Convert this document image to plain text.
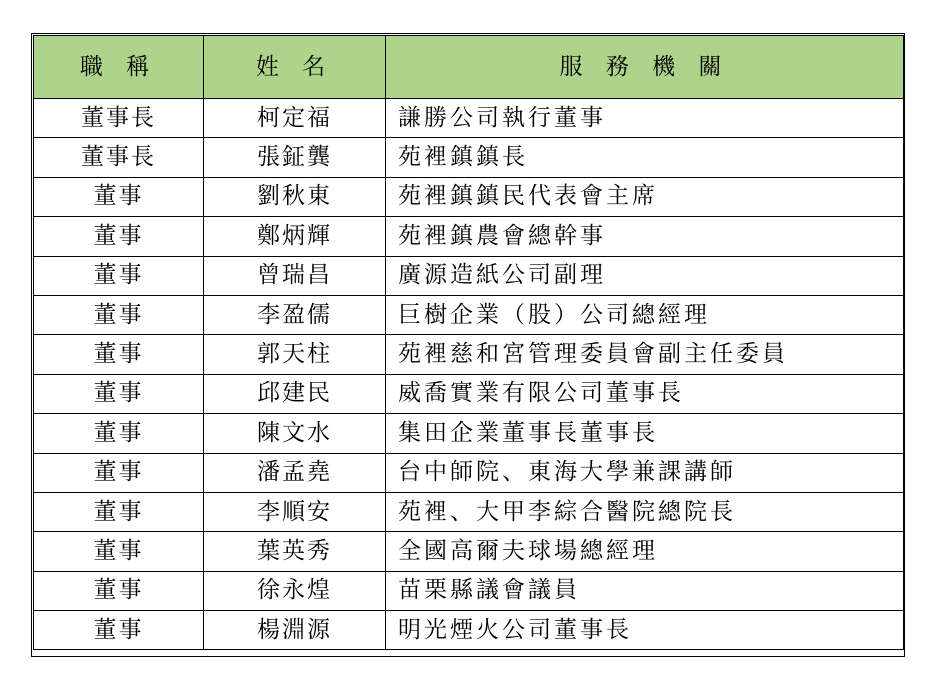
職 稱	姓 名	服 務 機 關
董事長	柯定福	謙勝公司執行董事
董事長	張鉦龔	苑裡鎮鎮長
董事	劉秋東	苑裡鎮鎮民代表會主席
董事	鄭炳輝	苑裡鎮農會總幹事
董事	曾瑞昌	廣源造紙公司副理
董事	李盈儒	巨樹企業（股）公司總經理
董事	郭天柱	苑裡慈和宮管理委員會副主任委員
董事	邱建民	威喬實業有限公司董事長
董事	陳文水	集田企業董事長董事長
董事	潘孟堯	台中師院、東海大學兼課講師
董事	李順安	苑裡、大甲李綜合醫院總院長
董事	葉英秀	全國高爾夫球場總經理
董事	徐永煌	苗栗縣議會議員
董事	楊淵源	明光煙火公司董事長
